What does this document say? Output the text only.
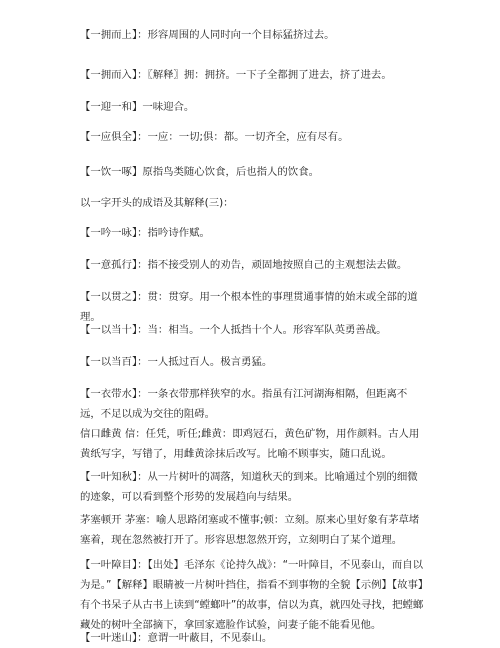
【一拥而上】：形容周围的人同时向一个目标猛挤过去。

【一拥而入】：〖解释〗拥：拥挤。一下子全都拥了进去，挤了进去。

【一迎一和】一味迎合。

【一应俱全】：一应：一切;俱：都。一切齐全，应有尽有。

【一饮一啄】原指鸟类随心饮食，后也指人的饮食。

以一字开头的成语及其解释(三)：

【一吟一咏】：指吟诗作赋。

【一意孤行】：指不接受别人的劝告，顽固地按照自己的主观想法去做。

【一以贯之】：贯：贯穿。用一个根本性的事理贯通事情的始末或全部的道理。

【一以当十】：当：相当。一个人抵挡十个人。形容军队英勇善战。

【一以当百】：一人抵过百人。极言勇猛。

【一衣带水】：一条衣带那样狭窄的水。指虽有江河湖海相隔，但距离不远，不足以成为交往的阻碍。

信口雌黄 信：任凭，听任;雌黄：即鸡冠石，黄色矿物，用作颜料。古人用黄纸写字，写错了，用雌黄涂抹后改写。比喻不顾事实，随口乱说。

【一叶知秋】：从一片树叶的凋落，知道秋天的到来。比喻通过个别的细微的迹象，可以看到整个形势的发展趋向与结果。

茅塞顿开 茅塞：喻人思路闭塞或不懂事;顿：立刻。原来心里好象有茅草堵塞着，现在忽然被打开了。形容思想忽然开窍，立刻明白了某个道理。

【一叶障目】：【出处】毛泽东《论持久战》：“一叶障目，不见泰山，而自以为是。”【解释】眼睛被一片树叶挡住，指看不到事物的全貌【示例】【故事】有个书呆子从古书上读到“螳螂叶”的故事，信以为真，就四处寻找，把螳螂藏处的树叶全部摘下，拿回家遮脸作试验，问妻子能不能看见他。

【一叶迷山】：意谓一叶蔽目，不见泰山。
